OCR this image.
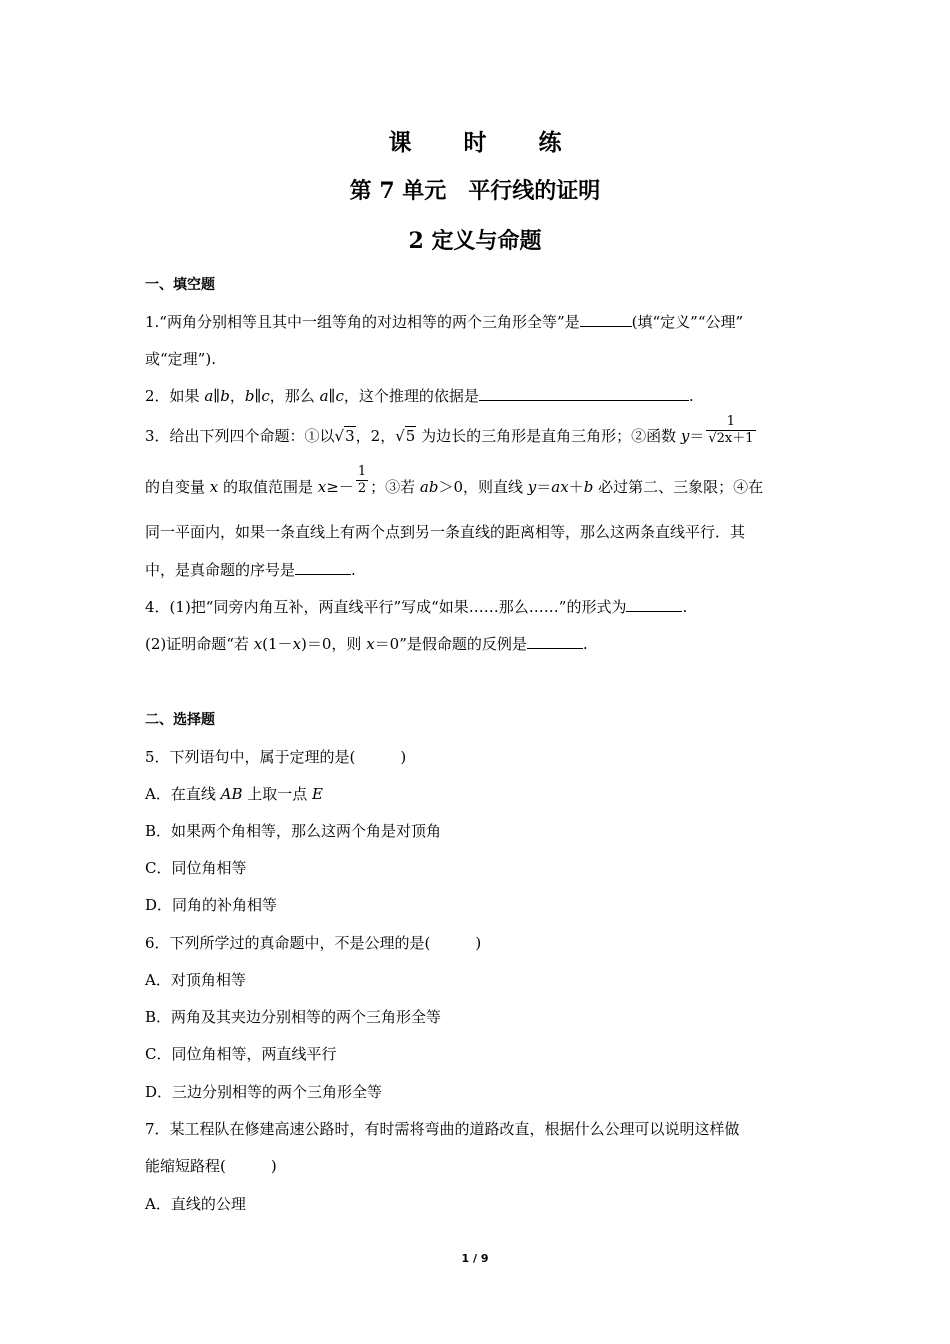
课 时 练
第 7 单元　平行线的证明
2 定义与命题
一、填空题
1.“两角分别相等且其中一组等角的对边相等的两个三角形全等”是	(填“定义”“公理”
或“定理”).
2．如果 a∥b，b∥c，那么 a∥c，这个推理的依据是	.
3．给出下列四个命题：①以√3，2，√5 为边长的三角形是直角三角形；②函数 $y= \frac{1}{√2x+1}$
的自变量 x 的取值范围是 $x\ge- \frac{1}{2}$ ；③若 ab＞0，则直线 y＝ax＋b 必过第二、三象限；④在
同一平面内，如果一条直线上有两个点到另一条直线的距离相等，那么这两条直线平行．其
中，是真命题的序号是	.
4．(1)把“同旁内角互补，两直线平行”写成“如果……那么……”的形式为	.
(2)证明命题“若 x(1－x)＝0，则 x＝0”是假命题的反例是	.
二、选择题
5．下列语句中，属于定理的是(　　　)
A．在直线 AB 上取一点 E
B．如果两个角相等，那么这两个角是对顶角
C．同位角相等
D．同角的补角相等
6．下列所学过的真命题中，不是公理的是(　　　)
A．对顶角相等
B．两角及其夹边分别相等的两个三角形全等
C．同位角相等，两直线平行
D．三边分别相等的两个三角形全等
7．某工程队在修建高速公路时，有时需将弯曲的道路改直，根据什么公理可以说明这样做
能缩短路程(　　　)
A．直线的公理
1 / 9
